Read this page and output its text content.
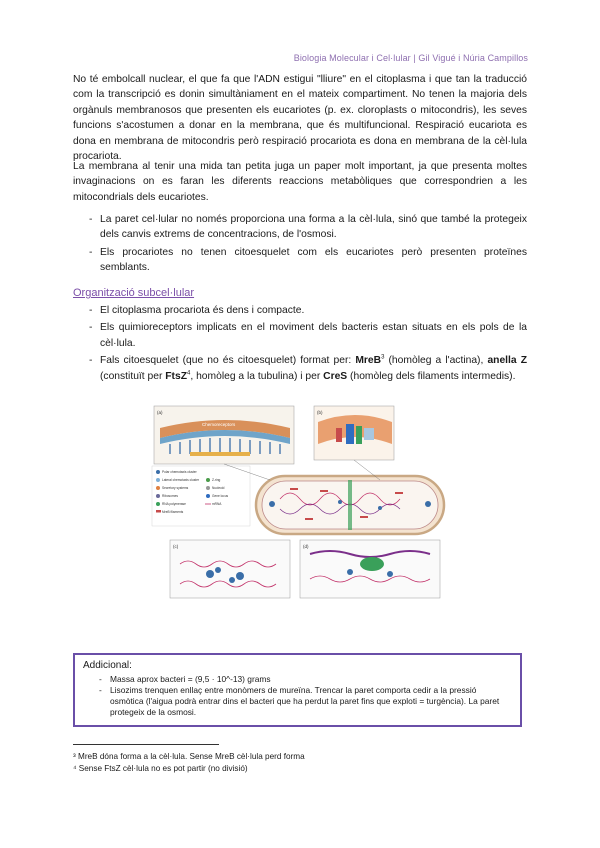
Biologia Molecular i Cel·lular | Gil Vigué i Núria Campillos

No té embolcall nuclear, el que fa que l'ADN estigui "lliure" en el citoplasma i que tan la traducció com la transcripció es donin simultàniament en el mateix compartiment. No tenen la majoria dels orgànuls membranosos que presenten els eucariotes (p. ex. cloroplasts o mitocondris), les seves funcions s'acostumen a donar en la membrana, que és multifuncional. Respiració eucariota es dona en membrana de mitocondris però respiració procariota es dona en membrana de la cèl·lula procariota.

La membrana al tenir una mida tan petita juga un paper molt important, ja que presenta moltes invaginacions on es faran les diferents reaccions metabòliques que correspondrien a les mitocondrials dels eucariotes.

- La paret cel·lular no només proporciona una forma a la cèl·lula, sinó que també la protegeix dels canvis extrems de concentracions, de l'osmosi.
- Els procariotes no tenen citoesquelet com els eucariotes però presenten proteïnes semblants.
Organització subcel·lular
- El citoplasma procariota és dens i compacte.
- Els quimioreceptors implicats en el moviment dels bacteris estan situats en els pols de la cèl·lula.
- Fals citoesquelet (que no és citoesquelet) format per: MreB$^3$ (homòleg a l'actina), anella Z (constituït per FtsZ$^4$, homòleg a la tubulina) i per CreS (homòleg dels filaments intermedis).
(a)
Chemoreceptors
(b)
Polar chemotaxis cluster
Lateral chemotaxis cluster
Secretory systems
Ribosomes
RNA polymerase
MreB filaments
Z-ring
Nucleoid
Gene locus
mRNA
(c)	(d)
Addicional:
- Massa aprox bacteri = (9,5 · 10^-13) grams
- Lisozims trenquen enllaç entre monòmers de mureïna. Trencar la paret comporta cedir a la pressió osmòtica (l'aigua podrà entrar dins el bacteri que ha perdut la paret fins que exploti = turgència). La paret protegeix de la osmosi.
³ MreB dóna forma a la cèl·lula. Sense MreB cèl·lula perd forma
⁴ Sense FtsZ cèl·lula no es pot partir (no divisió)
